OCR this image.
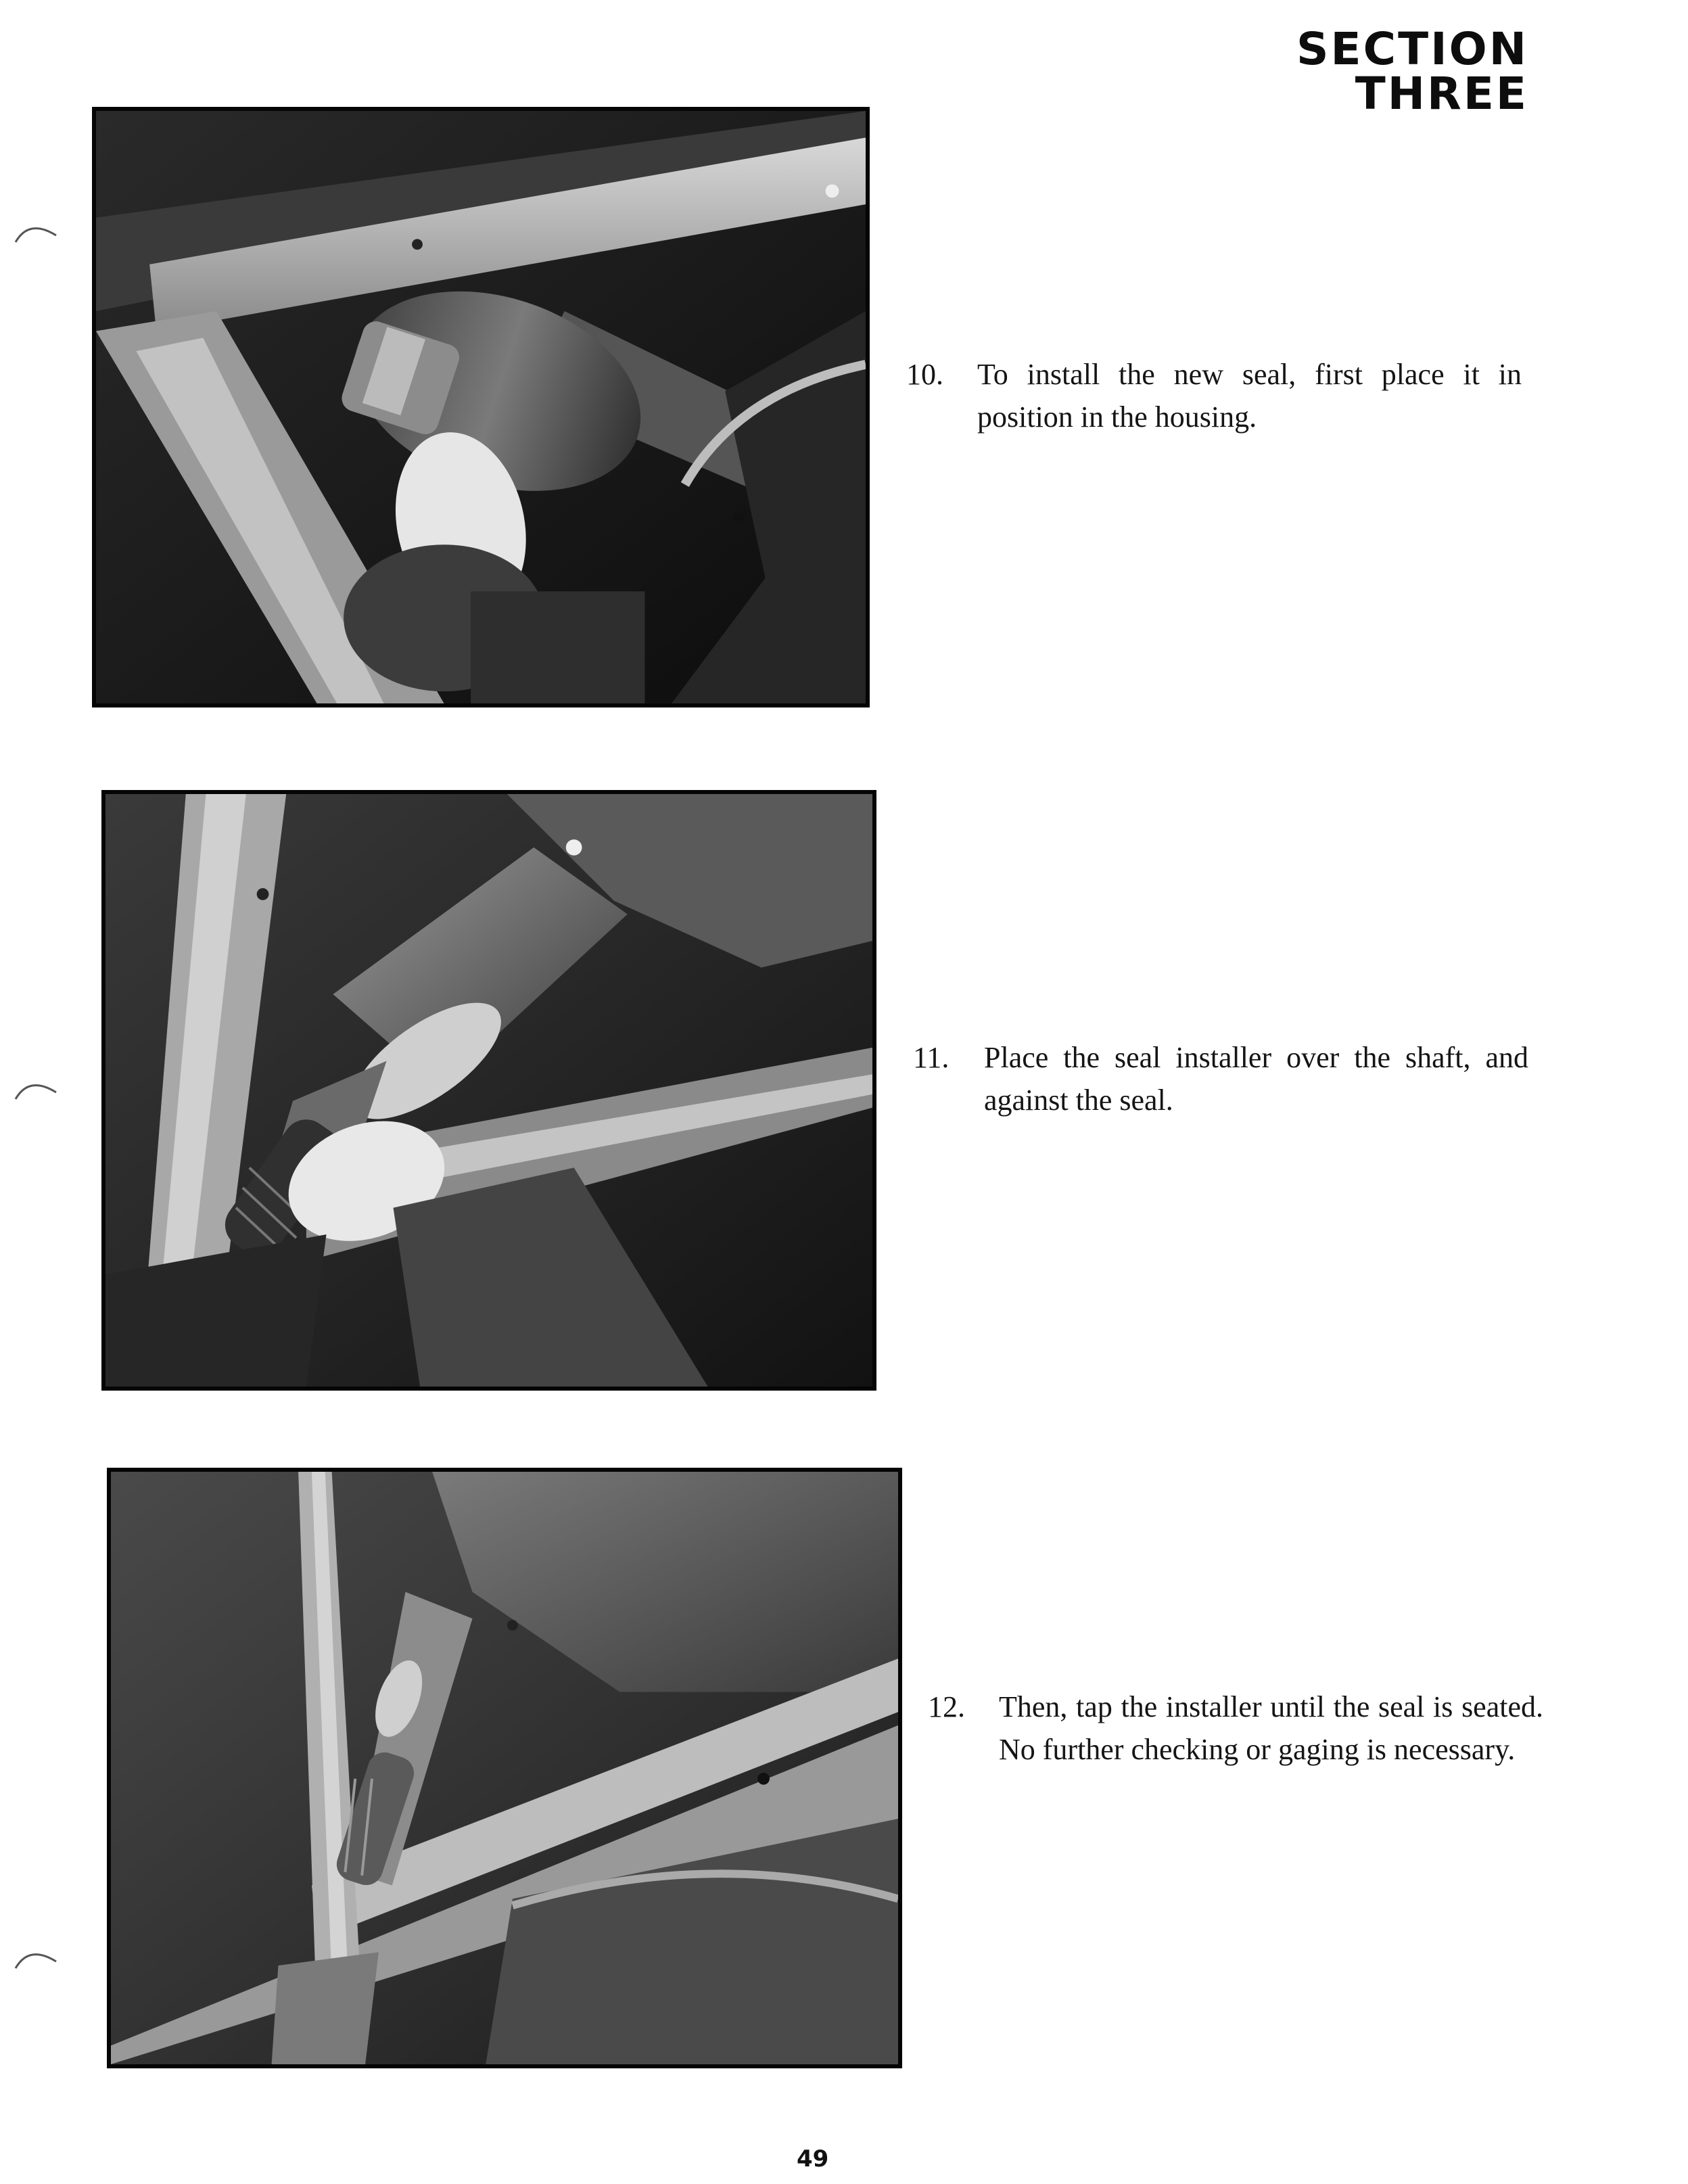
SECTION THREE
10. To install the new seal, first place it in position in the housing.
11. Place the seal installer over the shaft, and against the seal.
12. Then, tap the installer until the seal is seated. No further checking or gaging is necessary.
49
